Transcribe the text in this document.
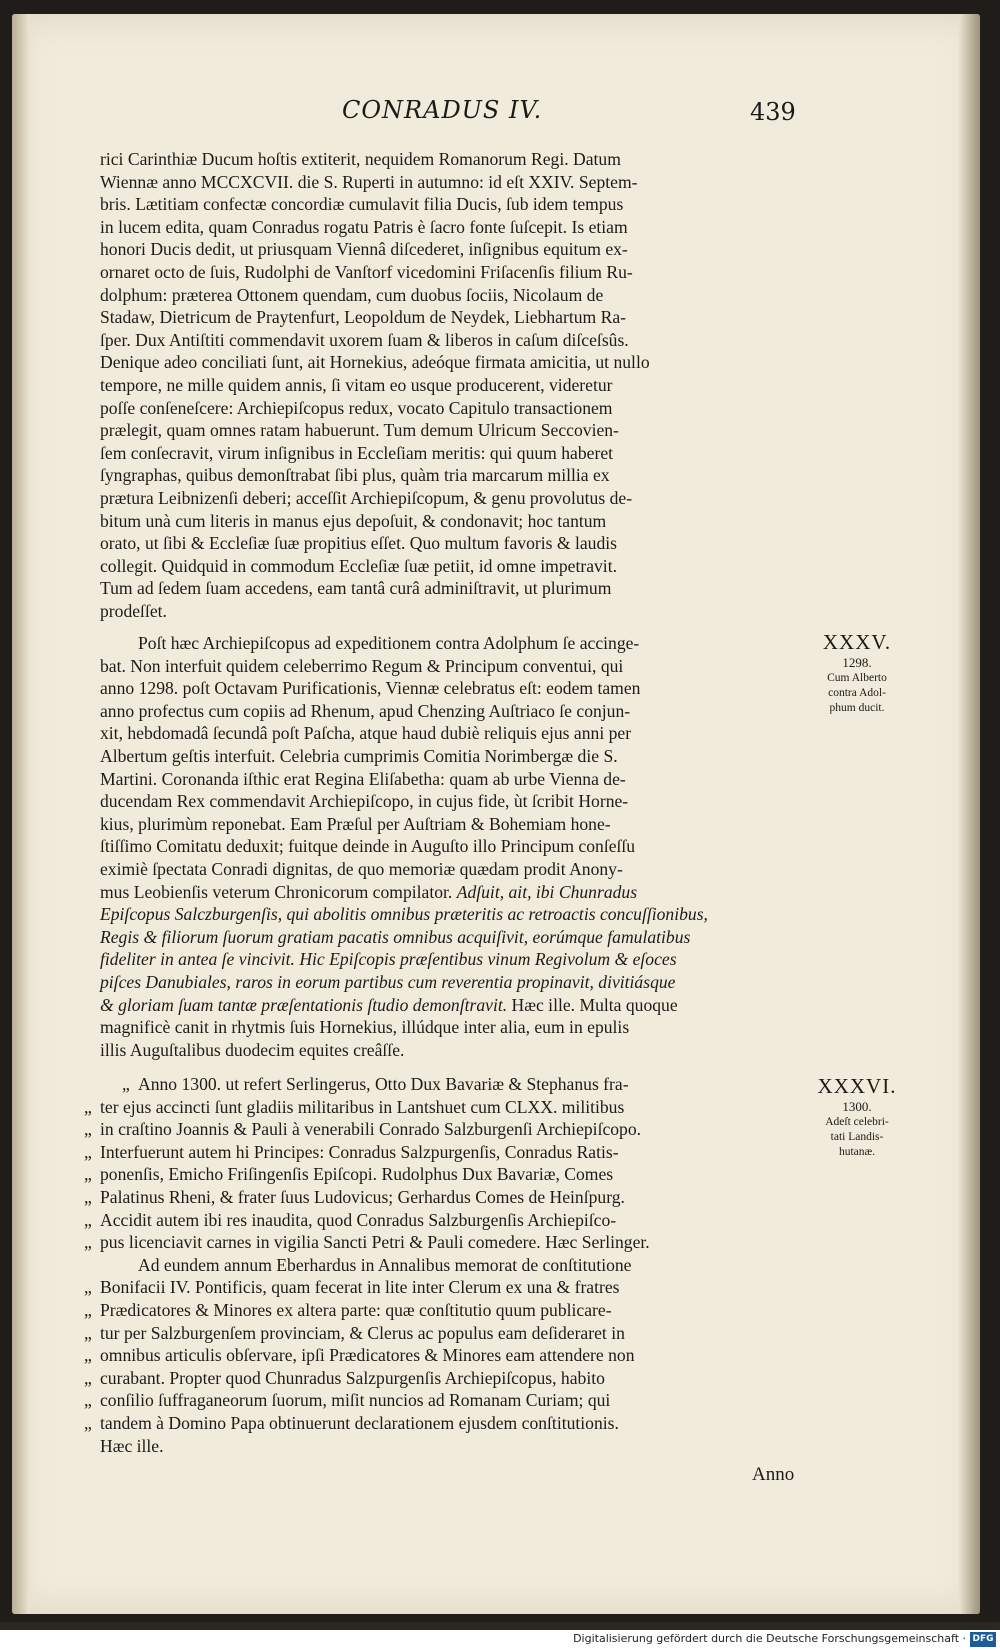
CONRADUS IV.	439
rici Carinthiæ Ducum hoſtis extiterit, nequidem Romanorum Regi. Datum
Wiennæ anno MCCXCVII. die S. Ruperti in autumno: id eſt XXIV. Septem-
bris. Lætitiam confectæ concordiæ cumulavit filia Ducis, ſub idem tempus
in lucem edita, quam Conradus rogatu Patris è ſacro fonte ſuſcepit. Is etiam
honori Ducis dedit, ut priusquam Viennâ diſcederet, inſignibus equitum ex-
ornaret octo de ſuis, Rudolphi de Vanſtorf vicedomini Friſacenſis filium Ru-
dolphum: præterea Ottonem quendam, cum duobus ſociis, Nicolaum de
Stadaw, Dietricum de Praytenfurt, Leopoldum de Neydek, Liebhartum Ra-
ſper. Dux Antiſtiti commendavit uxorem ſuam & liberos in caſum diſceſsûs.
Denique adeo conciliati ſunt, ait Hornekius, adeóque firmata amicitia, ut nullo
tempore, ne mille quidem annis, ſi vitam eo usque producerent, videretur
poſſe conſeneſcere: Archiepiſcopus redux, vocato Capitulo transactionem
prælegit, quam omnes ratam habuerunt. Tum demum Ulricum Seccovien-
ſem conſecravit, virum inſignibus in Eccleſiam meritis: qui quum haberet
ſyngraphas, quibus demonſtrabat ſibi plus, quàm tria marcarum millia ex
prætura Leibnizenſi deberi; acceſſit Archiepiſcopum, & genu provolutus de-
bitum unà cum literis in manus ejus depoſuit, & condonavit; hoc tantum
orato, ut ſibi & Eccleſiæ ſuæ propitius eſſet. Quo multum favoris & laudis
collegit. Quidquid in commodum Eccleſiæ ſuæ petiit, id omne impetravit.
Tum ad ſedem ſuam accedens, eam tantâ curâ adminiſtravit, ut plurimum
prodeſſet.
Poſt hæc Archiepiſcopus ad expeditionem contra Adolphum ſe accinge-
bat. Non interfuit quidem celeberrimo Regum & Principum conventui, qui
anno 1298. poſt Octavam Purificationis, Viennæ celebratus eſt: eodem tamen
anno profectus cum copiis ad Rhenum, apud Chenzing Auſtriaco ſe conjun-
xit, hebdomadâ ſecundâ poſt Paſcha, atque haud dubiè reliquis ejus anni per
Albertum geſtis interfuit. Celebria cumprimis Comitia Norimbergæ die S.
Martini. Coronanda iſthic erat Regina Eliſabetha: quam ab urbe Vienna de-
ducendam Rex commendavit Archiepiſcopo, in cujus fide, ùt ſcribit Horne-
kius, plurimùm reponebat. Eam Præſul per Auſtriam & Bohemiam hone-
ſtiſſimo Comitatu deduxit; fuitque deinde in Auguſto illo Principum conſeſſu
eximiè ſpectata Conradi dignitas, de quo memoriæ quædam prodit Anony-
mus Leobienſis veterum Chronicorum compilator. Adſuit, ait, ibi Chunradus
Epiſcopus Salczburgenſis, qui abolitis omnibus præteritis ac retroactis concuſſionibus,
Regis & filiorum ſuorum gratiam pacatis omnibus acquiſivit, eorúmque famulatibus
fideliter in antea ſe vincivit. Hic Epiſcopis præſentibus vinum Regivolum & eſoces
piſces Danubiales, raros in eorum partibus cum reverentia propinavit, divitiásque
& gloriam ſuam tantæ præſentationis ſtudio demonſtravit. Hæc ille. Multa quoque
magnificè canit in rhytmis ſuis Hornekius, illúdque inter alia, eum in epulis
illis Auguſtalibus duodecim equites creâſſe.
„ Anno 1300. ut refert Serlingerus, Otto Dux Bavariæ & Stephanus fra-
„ ter ejus accincti ſunt gladiis militaribus in Lantshuet cum CLXX. militibus
„ in craſtino Joannis & Pauli à venerabili Conrado Salzburgenſi Archiepiſcopo.
„ Interfuerunt autem hi Principes: Conradus Salzpurgenſis, Conradus Ratis-
„ ponenſis, Emicho Friſingenſis Epiſcopi. Rudolphus Dux Bavariæ, Comes
„ Palatinus Rheni, & frater ſuus Ludovicus; Gerhardus Comes de Heinſpurg.
„ Accidit autem ibi res inaudita, quod Conradus Salzburgenſis Archiepiſco-
„ pus licenciavit carnes in vigilia Sancti Petri & Pauli comedere. Hæc Serlinger.
Ad eundem annum Eberhardus in Annalibus memorat de conſtitutione
„ Bonifacii IV. Pontificis, quam fecerat in lite inter Clerum ex una & fratres
„ Prædicatores & Minores ex altera parte: quæ conſtitutio quum publicare-
„ tur per Salzburgenſem provinciam, & Clerus ac populus eam deſideraret in
„ omnibus articulis obſervare, ipſi Prædicatores & Minores eam attendere non
„ curabant. Propter quod Chunradus Salzpurgenſis Archiepiſcopus, habito
„ conſilio ſuffraganeorum ſuorum, miſit nuncios ad Romanam Curiam; qui
„ tandem à Domino Papa obtinuerunt declarationem ejusdem conſtitutionis.
Hæc ille.
XXXV.
1298.
Cum Alberto
contra Adol-
phum ducit.
XXXVI.
1300.
Adeſt celebri-
tati Landis-
hutanæ.
Anno
Digitalisierung gefördert durch die Deutsche Forschungsgemeinschaft · DFG
